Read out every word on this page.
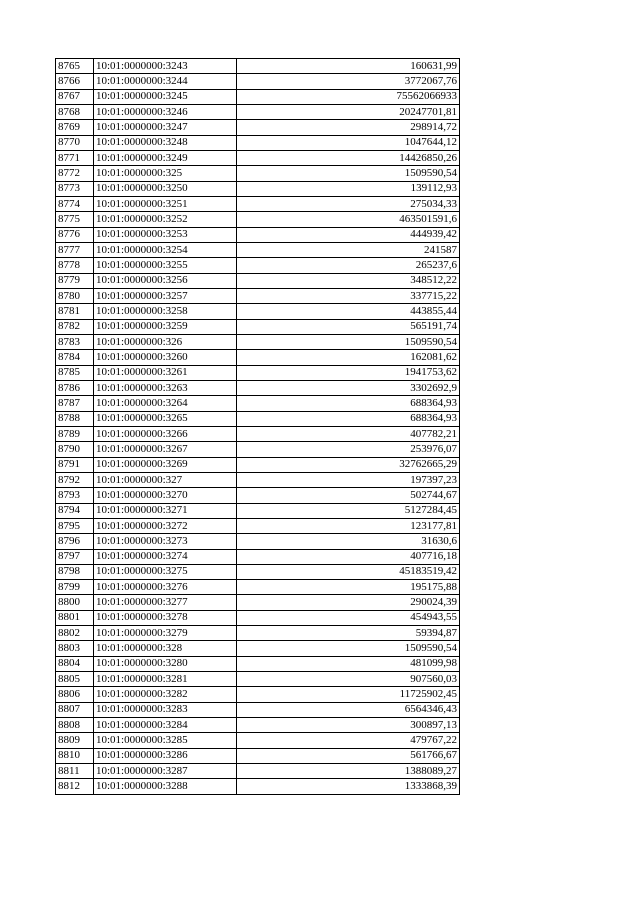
8765	10:01:0000000:3243	160631,99
8766	10:01:0000000:3244	3772067,76
8767	10:01:0000000:3245	75562066933
8768	10:01:0000000:3246	20247701,81
8769	10:01:0000000:3247	298914,72
8770	10:01:0000000:3248	1047644,12
8771	10:01:0000000:3249	14426850,26
8772	10:01:0000000:325	1509590,54
8773	10:01:0000000:3250	139112,93
8774	10:01:0000000:3251	275034,33
8775	10:01:0000000:3252	463501591,6
8776	10:01:0000000:3253	444939,42
8777	10:01:0000000:3254	241587
8778	10:01:0000000:3255	265237,6
8779	10:01:0000000:3256	348512,22
8780	10:01:0000000:3257	337715,22
8781	10:01:0000000:3258	443855,44
8782	10:01:0000000:3259	565191,74
8783	10:01:0000000:326	1509590,54
8784	10:01:0000000:3260	162081,62
8785	10:01:0000000:3261	1941753,62
8786	10:01:0000000:3263	3302692,9
8787	10:01:0000000:3264	688364,93
8788	10:01:0000000:3265	688364,93
8789	10:01:0000000:3266	407782,21
8790	10:01:0000000:3267	253976,07
8791	10:01:0000000:3269	32762665,29
8792	10:01:0000000:327	197397,23
8793	10:01:0000000:3270	502744,67
8794	10:01:0000000:3271	5127284,45
8795	10:01:0000000:3272	123177,81
8796	10:01:0000000:3273	31630,6
8797	10:01:0000000:3274	407716,18
8798	10:01:0000000:3275	45183519,42
8799	10:01:0000000:3276	195175,88
8800	10:01:0000000:3277	290024,39
8801	10:01:0000000:3278	454943,55
8802	10:01:0000000:3279	59394,87
8803	10:01:0000000:328	1509590,54
8804	10:01:0000000:3280	481099,98
8805	10:01:0000000:3281	907560,03
8806	10:01:0000000:3282	11725902,45
8807	10:01:0000000:3283	6564346,43
8808	10:01:0000000:3284	300897,13
8809	10:01:0000000:3285	479767,22
8810	10:01:0000000:3286	561766,67
8811	10:01:0000000:3287	1388089,27
8812	10:01:0000000:3288	1333868,39
